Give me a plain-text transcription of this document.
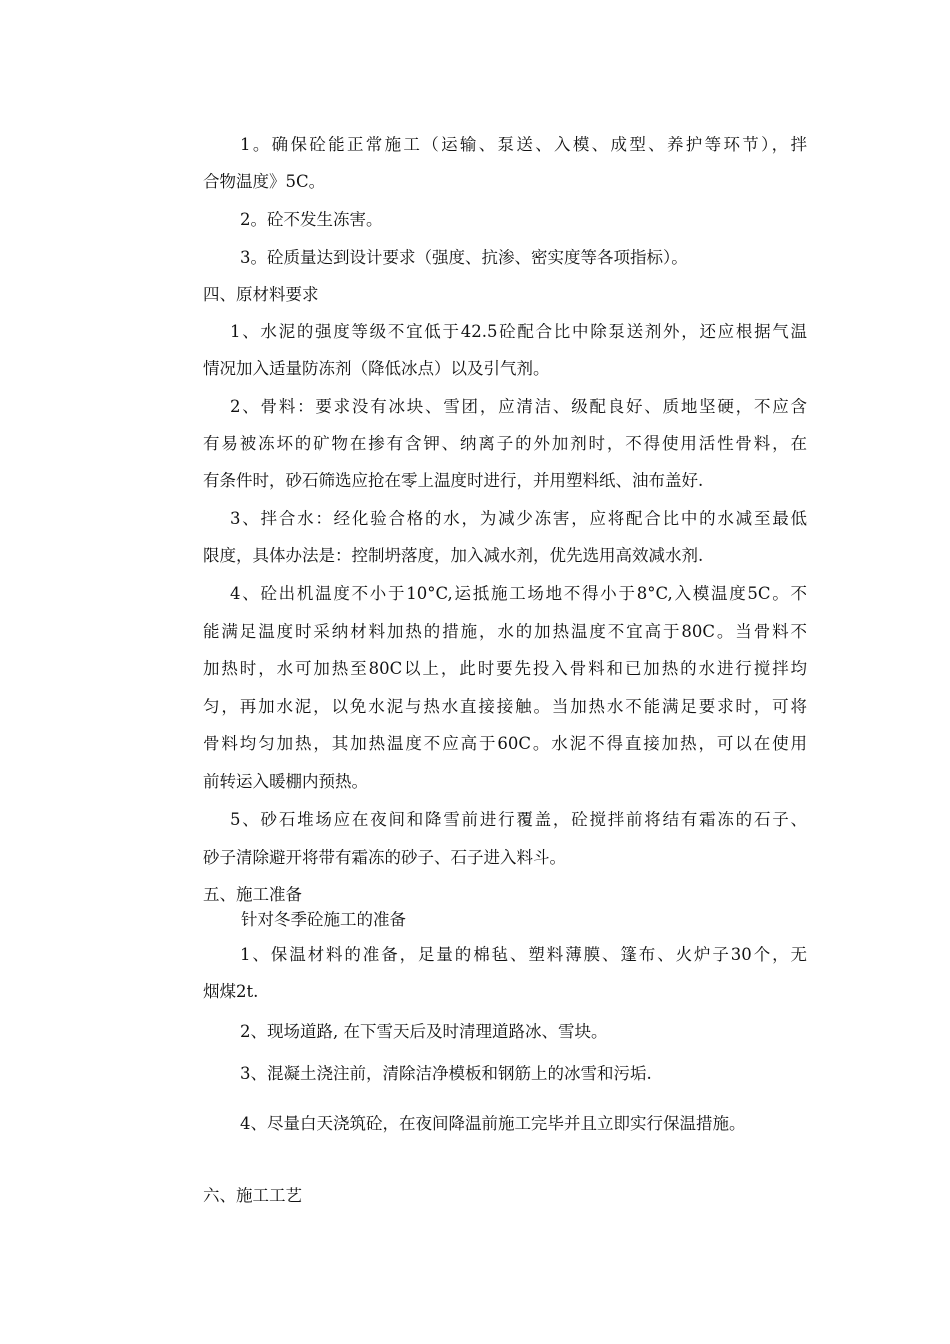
1。确保砼能正常施工（运输、泵送、入模、成型、养护等环节），拌
合物温度》5C。
2。砼不发生冻害。
3。砼质量达到设计要求（强度、抗渗、密实度等各项指标）。
四、原材料要求
1、水泥的强度等级不宜低于42.5砼配合比中除泵送剂外，还应根据气温
情况加入适量防冻剂（降低冰点）以及引气剂。
2、骨料：要求没有冰块、雪团，应清洁、级配良好、质地坚硬，不应含
有易被冻坏的矿物在掺有含钾、纳离子的外加剂时，不得使用活性骨料，在
有条件时，砂石筛选应抢在零上温度时进行，并用塑料纸、油布盖好.
3、拌合水：经化验合格的水，为减少冻害，应将配合比中的水减至最低
限度，具体办法是：控制坍落度，加入减水剂，优先选用高效减水剂.
4、砼出机温度不小于10°C,运抵施工场地不得小于8°C,入模温度5C。不
能满足温度时采纳材料加热的措施，水的加热温度不宜高于80C。当骨料不
加热时，水可加热至80C以上，此时要先投入骨料和已加热的水进行搅拌均
匀，再加水泥，以免水泥与热水直接接触。当加热水不能满足要求时，可将
骨料均匀加热，其加热温度不应高于60C。水泥不得直接加热，可以在使用
前转运入暖棚内预热。
5、砂石堆场应在夜间和降雪前进行覆盖，砼搅拌前将结有霜冻的石子、
砂子清除避开将带有霜冻的砂子、石子进入料斗。
五、施工准备
针对冬季砼施工的准备
1、保温材料的准备，足量的棉毡、塑料薄膜、篷布、火炉子30个，无
烟煤2t.
2、现场道路, 在下雪天后及时清理道路冰、雪块。
3、混凝土浇注前，清除洁净模板和钢筋上的冰雪和污垢.
4、尽量白天浇筑砼，在夜间降温前施工完毕并且立即实行保温措施。
六、施工工艺
